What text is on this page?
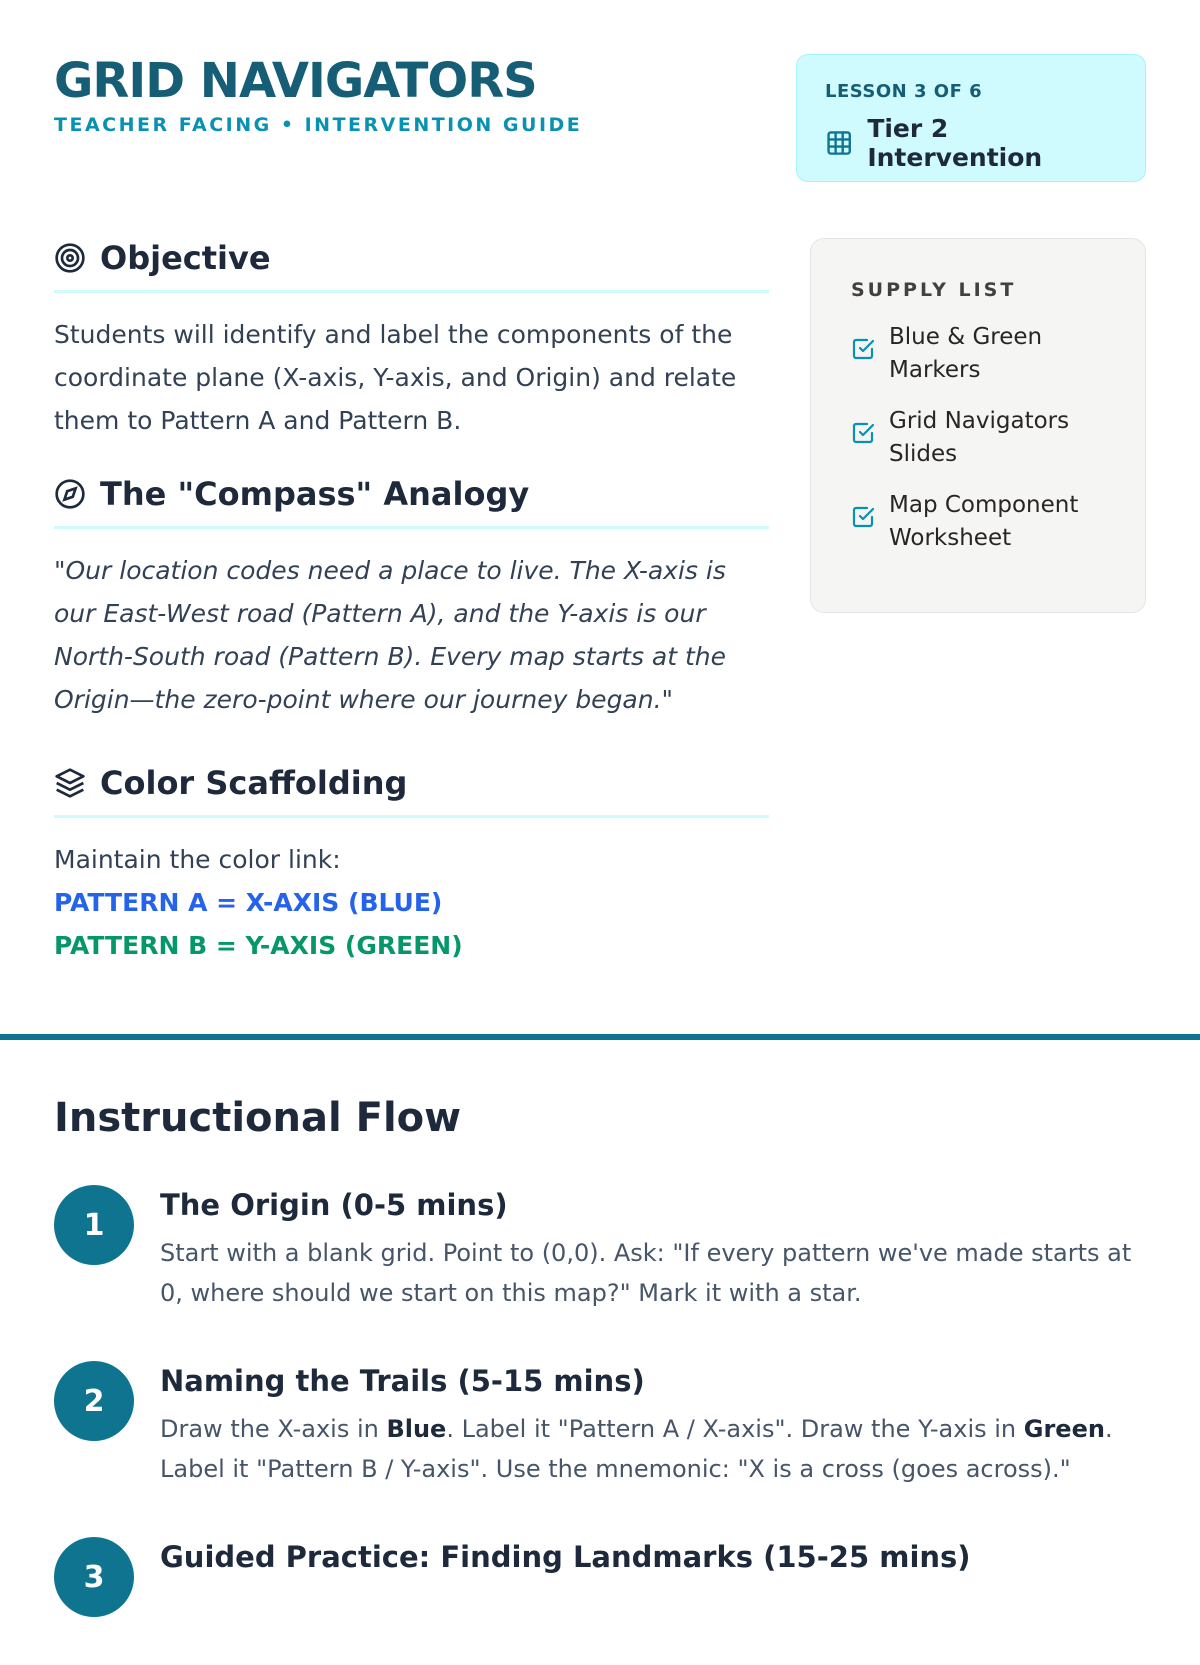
GRID NAVIGATORS
TEACHER FACING • INTERVENTION GUIDE
LESSON 3 OF 6
Tier 2 Intervention
Objective
Students will identify and label the components of the coordinate plane (X-axis, Y-axis, and Origin) and relate them to Pattern A and Pattern B.
The "Compass" Analogy
"Our location codes need a place to live. The X-axis is our East-West road (Pattern A), and the Y-axis is our North-South road (Pattern B). Every map starts at the Origin—the zero-point where our journey began."
Color Scaffolding
Maintain the color link:
PATTERN A = X-AXIS (BLUE)
PATTERN B = Y-AXIS (GREEN)
SUPPLY LIST
Blue & Green Markers
Grid Navigators Slides
Map Component Worksheet
Instructional Flow
1
The Origin (0-5 mins)
Start with a blank grid. Point to (0,0). Ask: "If every pattern we've made starts at 0, where should we start on this map?" Mark it with a star.
2
Naming the Trails (5-15 mins)
Draw the X-axis in Blue. Label it "Pattern A / X-axis". Draw the Y-axis in Green. Label it "Pattern B / Y-axis". Use the mnemonic: "X is a cross (goes across)."
3
Guided Practice: Finding Landmarks (15-25 mins)
